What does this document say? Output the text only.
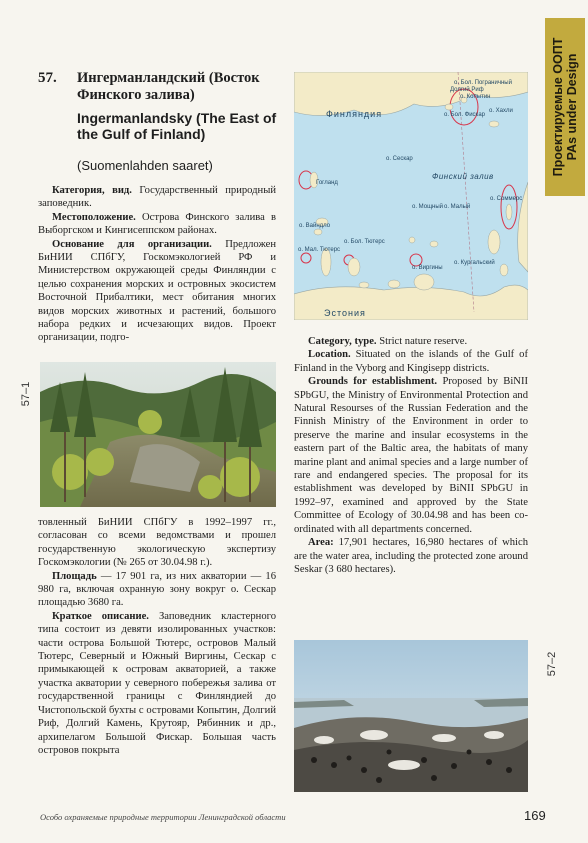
Проектируемые ООПТ PAs under Design
57. Ингерманландский (Восток Финского залива)
Ingermanlandsky (The East of the Gulf of Finland)
(Suomenlahden saaret)

Категория, вид. Государственный природный заповедник.

Местоположение. Острова Финского залива в Выборгском и Кингисеппском районах.

Основание для организации. Предложен БиНИИ СПбГУ, Госкомэкологией РФ и Министерством окружающей среды Финляндии с целью сохранения морских и островных экосистем Восточной Прибалтики, мест обитания многих видов морских животных и растений, большого набора редких и исчезающих видов. Проект организации, подго-

57–1

товленный БиНИИ СПбГУ в 1992–1997 гг., согласован со всеми ведомствами и прошел государственную экологическую экспертизу Госкомэкологии (№ 265 от 30.04.98 г.).

Площадь — 17 901 га, из них акватории — 16 980 га, включая охранную зону вокруг о. Сескар площадью 3680 га.

Краткое описание. Заповедник кластерного типа состоит из девяти изолированных участков: части острова Большой Тютерс, островов Малый Тютерс, Северный и Южный Виргины, Сескар с примыкающей к островам акваторией, а также участка акватории у северного побережья залива от государственной границы с Финляндией до Чистопольской бухты с островами Копытин, Долгий Риф, Долгий Камень, Крутояр, Рябинник и др., архипелагом Большой Фискар. Большая часть островов покрыта

Финляндия
Эстония
Финский залив
о. Бол. Пограничный
Долгий Риф
о. Копытин
о. Бол. Фискар
о. Хахли
Гогланд
о. Сескар
о. Соммерс
о. Мощный о. Малый
о. Вайндло
о. Бол. Тютерс
о. Мал. Тютерс
о. Виргины
о. Кургальский

Category, type. Strict nature reserve.

Location. Situated on the islands of the Gulf of Finland in the Vyborg and Kingisepp districts.

Grounds for establishment. Proposed by BiNII SPbGU, the Ministry of Environmental Protection and Natural Resourses of the Russian Federation and the Finnish Ministry of the Environment in order to preserve the marine and insular ecosystems in the eastern part of the Baltic area, the habitats of many marine plant and animal species and a large number of rare and endangered species. The proposal for its establishment was developed by BiNII SPbGU in 1992–97, examined and approved by the State Committee of Ecology of 30.04.98 and has been co-ordinated with all departments concerned.

Area: 17,901 hectares, 16,980 hectares of which are the water area, including the protected zone around Seskar (3 680 hectares).

57–2
Особо охраняемые природные территории Ленинградской области	169
